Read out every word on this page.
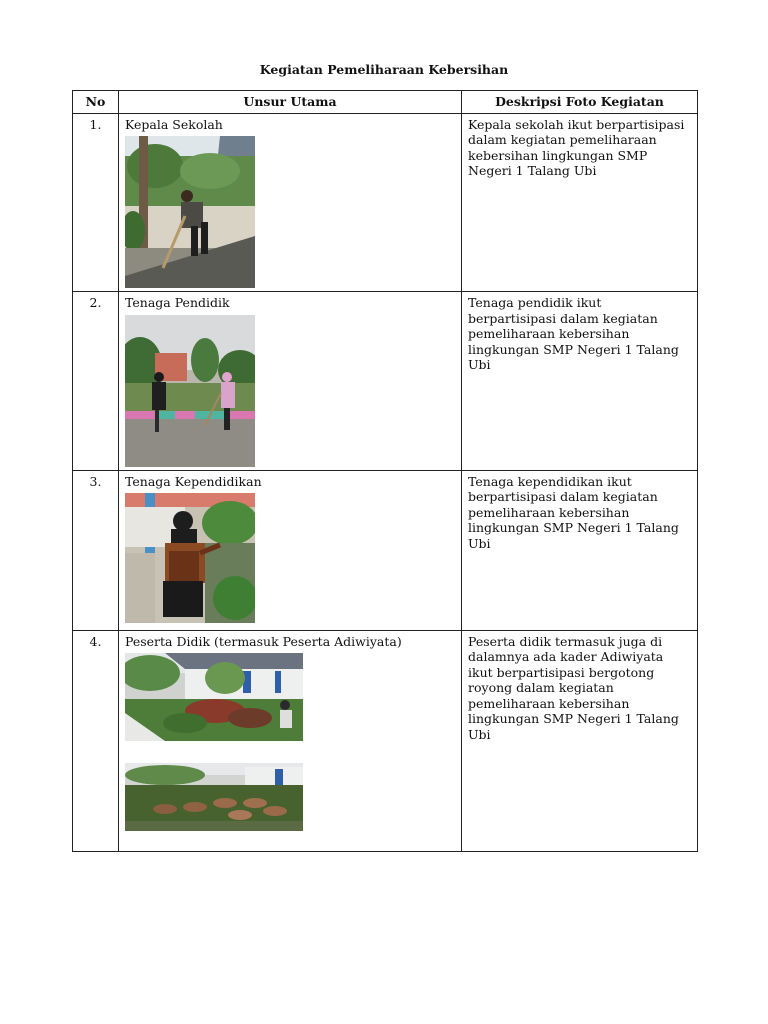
Kegiatan Pemeliharaan Kebersihan
No	Unsur Utama	Deskripsi Foto Kegiatan
1.	Kepala Sekolah	Kepala sekolah ikut berpartisipasi dalam kegiatan pemeliharaan kebersihan lingkungan SMP Negeri 1 Talang Ubi
2.	Tenaga Pendidik	Tenaga pendidik ikut berpartisipasi dalam kegiatan pemeliharaan kebersihan lingkungan SMP Negeri 1 Talang Ubi
3.	Tenaga Kependidikan	Tenaga kependidikan ikut berpartisipasi dalam kegiatan pemeliharaan kebersihan lingkungan SMP Negeri 1 Talang Ubi
4.	Peserta Didik (termasuk Peserta Adiwiyata)	Peserta didik termasuk juga di dalamnya ada kader Adiwiyata ikut berpartisipasi bergotong royong dalam kegiatan pemeliharaan kebersihan lingkungan SMP Negeri 1 Talang Ubi
